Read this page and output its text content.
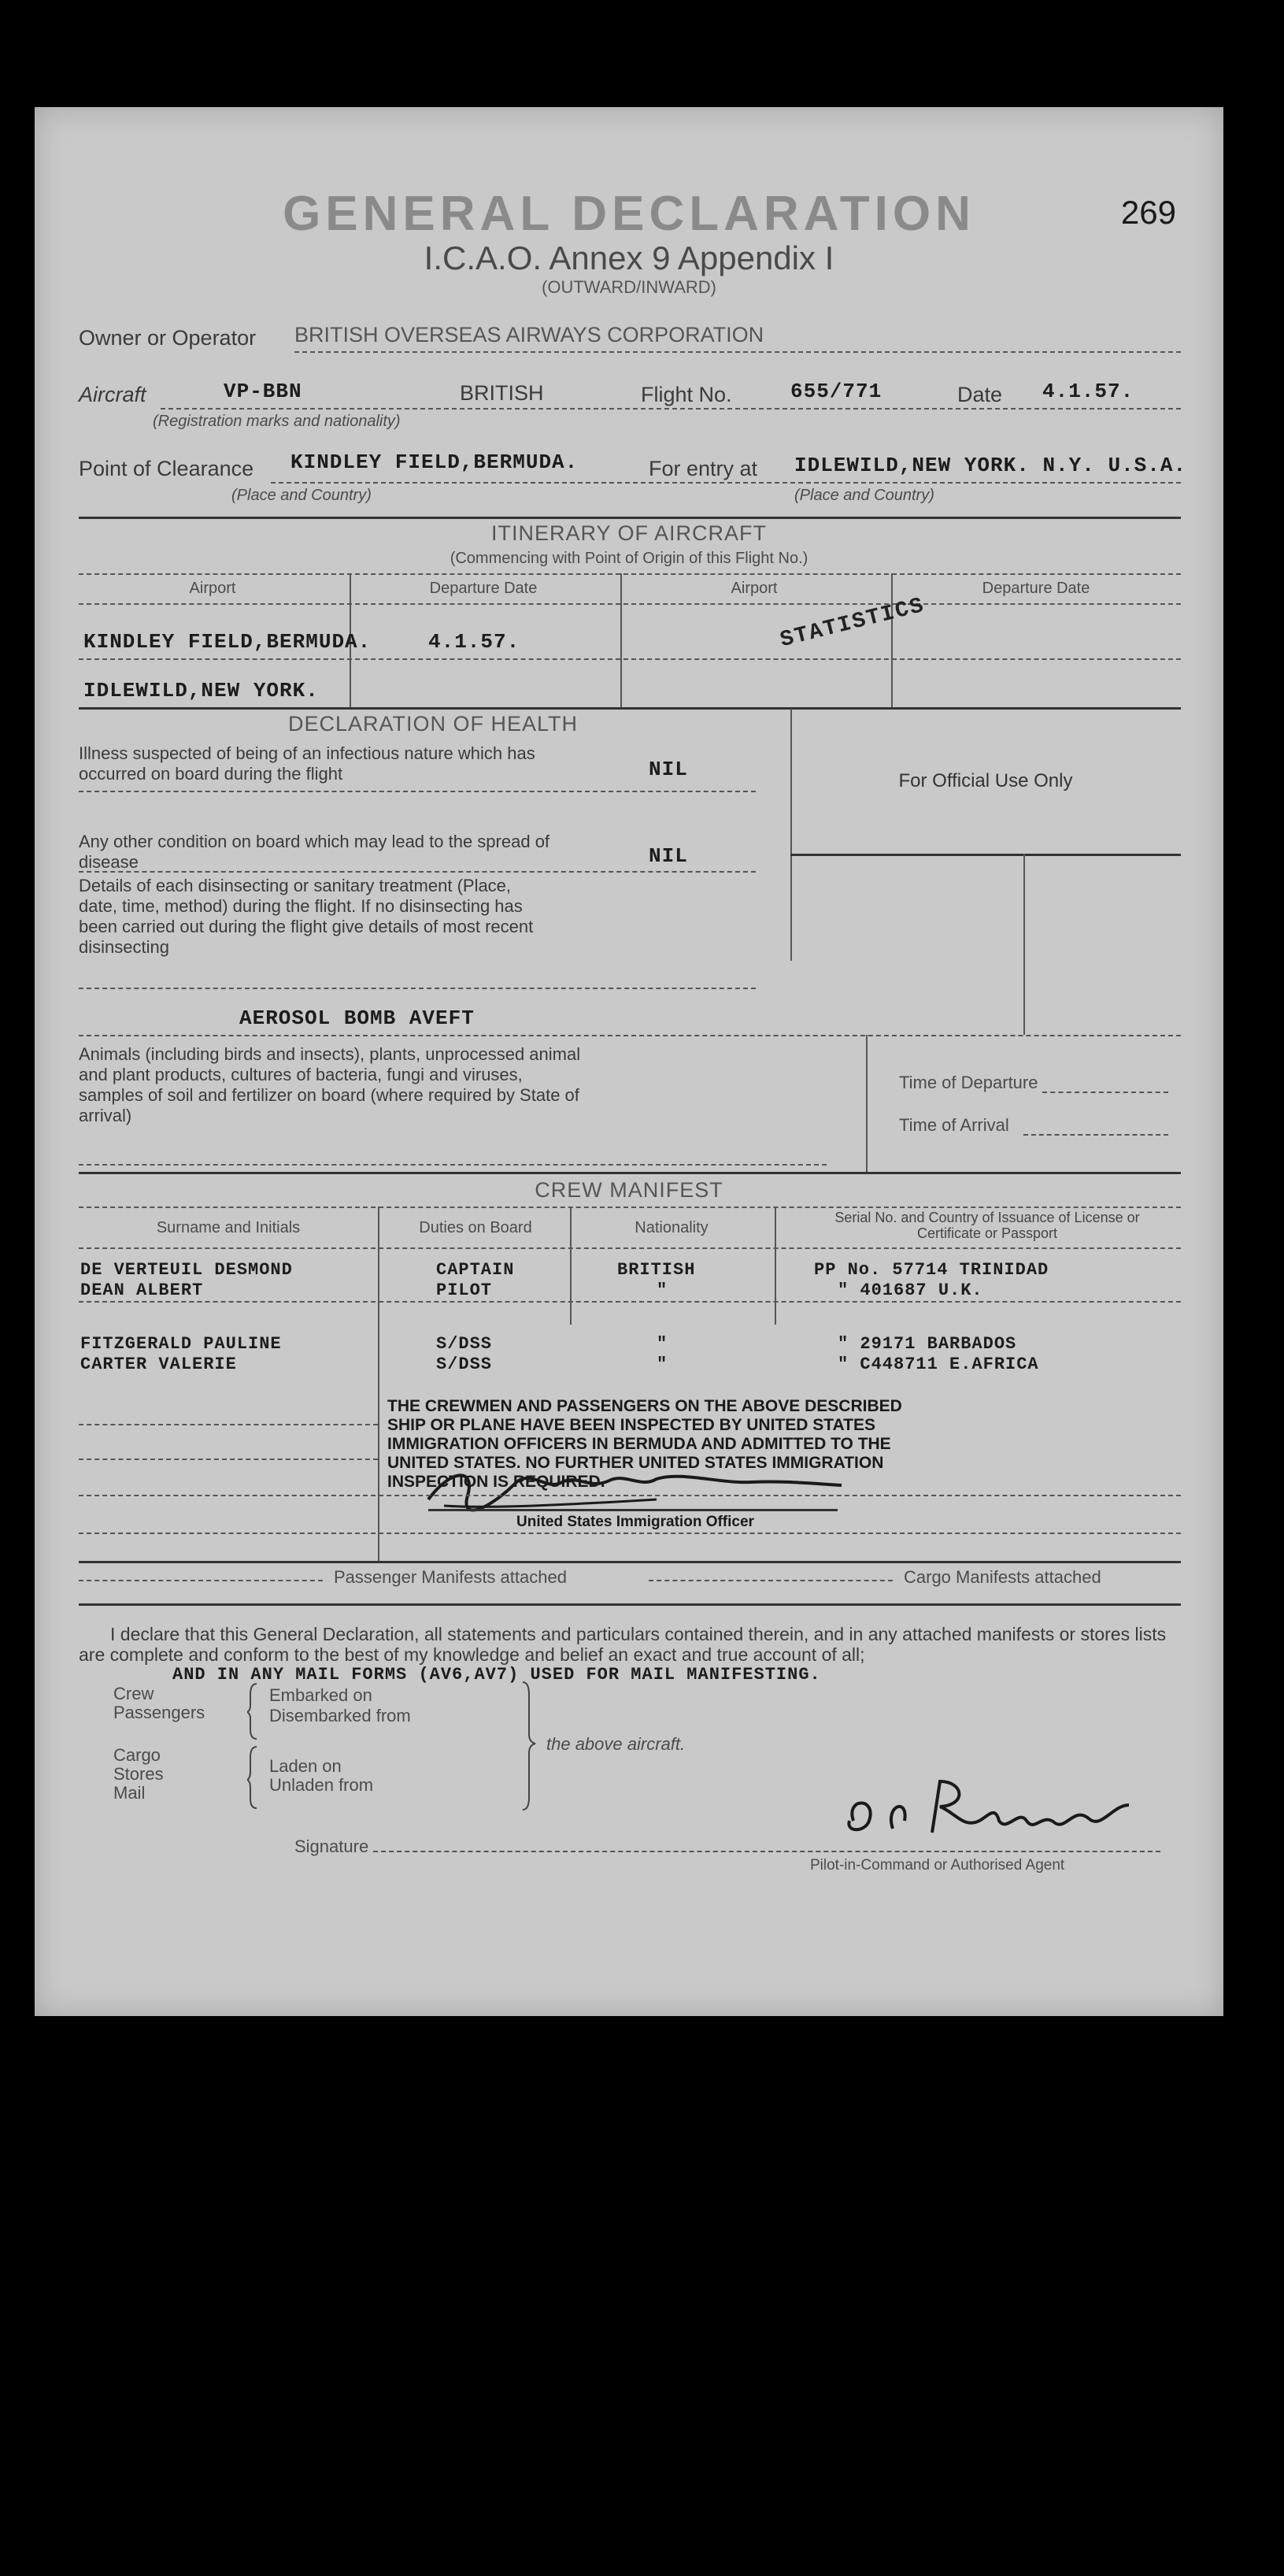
GENERAL DECLARATION
I.C.A.O. Annex 9 Appendix I
(OUTWARD/INWARD)
269
Owner or Operator BRITISH OVERSEAS AIRWAYS CORPORATION
Aircraft	VP-BBN	BRITISH	Flight No.	655/771	Date 4.1.57.
(Registration marks and nationality)
Point of Clearance KINDLEY FIELD,BERMUDA.	For entry at IDLEWILD,NEW YORK. N.Y. U.S.A.
(Place and Country)	(Place and Country)
ITINERARY OF AIRCRAFT
(Commencing with Point of Origin of this Flight No.)
Airport	Departure Date	Airport	Departure Date
KINDLEY FIELD,BERMUDA.	4.1.57.
IDLEWILD,NEW YORK.
STATISTICS
DECLARATION OF HEALTH
Illness suspected of being of an infectious nature which has occurred on board during the flight	NIL
Any other condition on board which may lead to the spread of disease	NIL
Details of each disinsecting or sanitary treatment (Place, date, time, method) during the flight. If no disinsecting has been carried out during the flight give details of most recent disinsecting
AEROSOL BOMB AVEFT
For Official Use Only
Animals (including birds and insects), plants, unprocessed animal and plant products, cultures of bacteria, fungi and viruses, samples of soil and fertilizer on board (where required by State of arrival)
Time of Departure
Time of Arrival
CREW MANIFEST
Surname and Initials	Duties on Board	Nationality
Serial No. and Country of Issuance of License or Certificate or Passport
DE VERTEUIL DESMOND	CAPTAIN	BRITISH	PP No. 57714 TRINIDAD
DEAN ALBERT	PILOT	"	" 401687 U.K.
FITZGERALD PAULINE	S/DSS	"	" 29171 BARBADOS
CARTER VALERIE	S/DSS	"	" C448711 E.AFRICA
THE CREWMEN AND PASSENGERS ON THE ABOVE DESCRIBED SHIP OR PLANE HAVE BEEN INSPECTED BY UNITED STATES IMMIGRATION OFFICERS IN BERMUDA AND ADMITTED TO THE UNITED STATES. NO FURTHER UNITED STATES IMMIGRATION INSPECTION IS REQUIRED.
United States Immigration Officer
Passenger Manifests attached	Cargo Manifests attached
I declare that this General Declaration, all statements and particulars contained therein, and in any attached manifests or stores lists are complete and conform to the best of my knowledge and belief an exact and true account of all;
AND IN ANY MAIL FORMS (AV6,AV7) USED FOR MAIL MANIFESTING.
Crew
Passengers
Embarked on
Disembarked from
Cargo
Stores
Mail
Laden on
Unladen from
the above aircraft.
Signature
Pilot-in-Command or Authorised Agent
